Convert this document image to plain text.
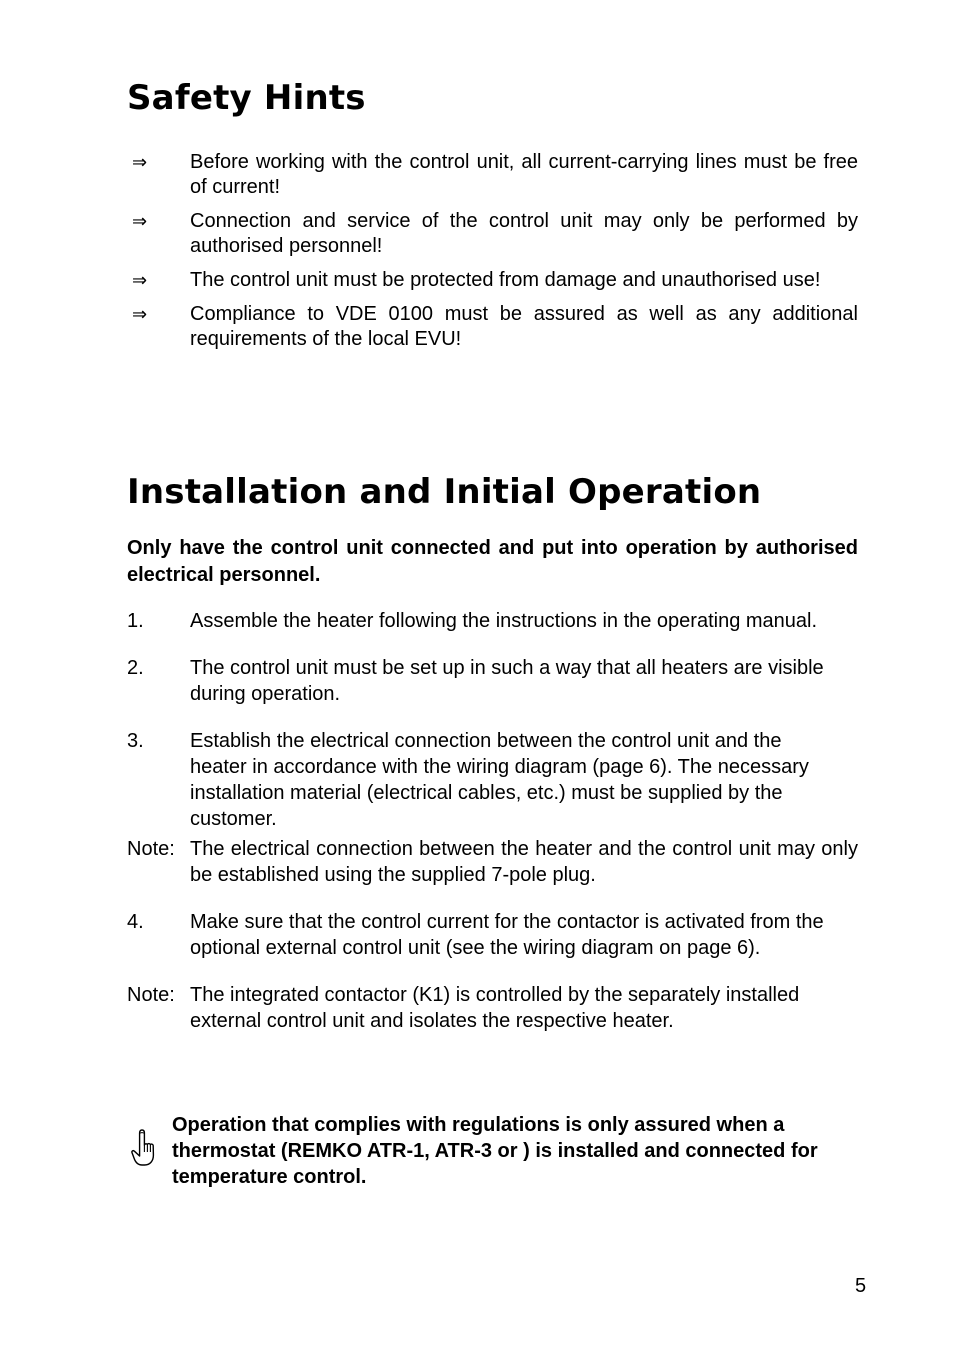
Safety Hints
⇒ Before working with the control unit, all current-carrying lines must be free of current!
⇒ Connection and service of the control unit may only be performed by authorised personnel!
⇒ The control unit must be protected from damage and unauthorised use!
⇒ Compliance to VDE 0100 must be assured as well as any additional requirements of the local EVU!
Installation and Initial Operation

Only have the control unit connected and put into operation by authorised electrical personnel.

1. Assemble the heater following the instructions in the operating manual.
2. The control unit must be set up in such a way that all heaters are visible during operation.
3. Establish the electrical connection between the control unit and the heater in accordance with the wiring diagram (page 6). The necessary installation material (electrical cables, etc.) must be supplied by the customer.
Note: The electrical connection between the heater and the control unit may only be established using the supplied 7-pole plug.
4. Make sure that the control current for the contactor is activated from the optional external control unit (see the wiring diagram on page 6).
Note: The integrated contactor (K1) is controlled by the separately installed external control unit and isolates the respective heater.

Operation that complies with regulations is only assured when a thermostat (REMKO ATR-1, ATR-3 or ) is installed and connected for temperature control.

5
